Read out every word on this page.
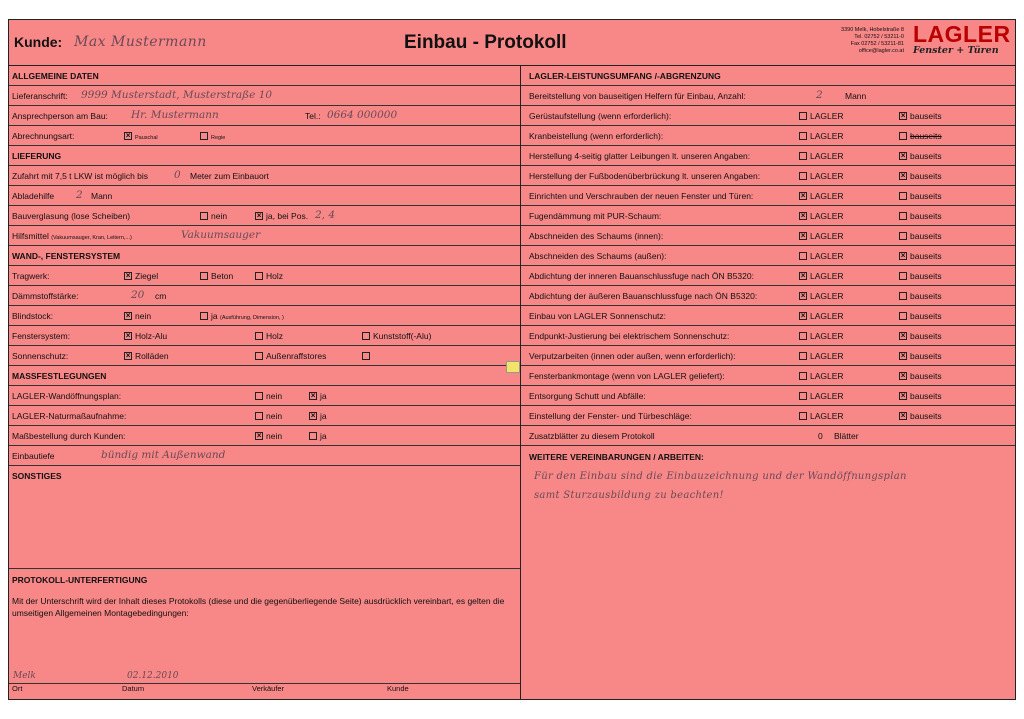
Kunde: Max Mustermann	Einbau - Protokoll
3390 Melk, Hobelstraße 8
Tel. 02752 / 53211-0
Fax 02752 / 53211-81
office@lagler.co.at
LAGLER
Fenster + Türen
ALLGEMEINE DATEN
Lieferanschrift: 9999 Musterstadt, Musterstraße 10
Ansprechperson am Bau: Hr. Mustermann	Tel.: 0664 000000
Abrechnungsart: ×	Pauschal	Regie
LIEFERUNG
Zufahrt mit 7,5 t LKW ist möglich bis 0 Meter zum Einbauort
Abladehilfe 2 Mann
Bauverglasung (lose Scheiben)	nein ×	ja, bei Pos. 2, 4
Hilfsmittel (Vakuumsauger, Kran, Leitern,...)	Vakuumsauger
WAND-, FENSTERSYSTEM
Tragwerk: ×	Ziegel	Beton	Holz
Dämmstoffstärke:	20 cm
Blindstock: ×	nein	ja (Ausführung, Dimension, )
Fenstersystem: ×	Holz-Alu	Holz	Kunststoff(-Alu)
Sonnenschutz: ×	Rolläden	Außenraffstores
MASSFESTLEGUNGEN
LAGLER-Wandöffnungsplan:	nein ×	ja
LAGLER-Naturmaßaufnahme:	nein ×	ja
Maßbestellung durch Kunden: ×	nein	ja
Einbautiefe	bündig mit Außenwand
SONSTIGES
PROTOKOLL-UNTERFERTIGUNG
Mit der Unterschrift wird der Inhalt dieses Protokolls (diese und die gegenüberliegende Seite) ausdrücklich vereinbart, es gelten die umseitigen Allgemeinen Montagebedingungen:
Melk	02.12.2010
Ort	Datum	Verkäufer	Kunde
LAGLER-LEISTUNGSUMFANG /-ABGRENZUNG
Bereitstellung von bauseitigen Helfern für Einbau, Anzahl:	2	Mann
Gerüstaufstellung (wenn erforderlich):	LAGLER ×	bauseits
Kranbeistellung (wenn erforderlich):	LAGLER	bauseits
Herstellung 4-seitig glatter Leibungen lt. unseren Angaben:	LAGLER ×	bauseits
Herstellung der Fußbodenüberbrückung lt. unseren Angaben:	LAGLER ×	bauseits
Einrichten und Verschrauben der neuen Fenster und Türen: ×	LAGLER	bauseits
Fugendämmung mit PUR-Schaum: ×	LAGLER	bauseits
Abschneiden des Schaums (innen): ×	LAGLER	bauseits
Abschneiden des Schaums (außen):	LAGLER ×	bauseits
Abdichtung der inneren Bauanschlussfuge nach ÖN B5320: ×	LAGLER	bauseits
Abdichtung der äußeren Bauanschlussfuge nach ÖN B5320: ×	LAGLER	bauseits
Einbau von LAGLER Sonnenschutz: ×	LAGLER	bauseits
Endpunkt-Justierung bei elektrischem Sonnenschutz:	LAGLER ×	bauseits
Verputzarbeiten (innen oder außen, wenn erforderlich):	LAGLER ×	bauseits
Fensterbankmontage (wenn von LAGLER geliefert):	LAGLER ×	bauseits
Entsorgung Schutt und Abfälle:	LAGLER ×	bauseits
Einstellung der Fenster- und Türbeschläge:	LAGLER ×	bauseits
Zusatzblätter zu diesem Protokoll	0 Blätter
WEITERE VEREINBARUNGEN / ARBEITEN:
Für den Einbau sind die Einbauzeichnung und der Wandöffnungsplan
samt Sturzausbildung zu beachten!
